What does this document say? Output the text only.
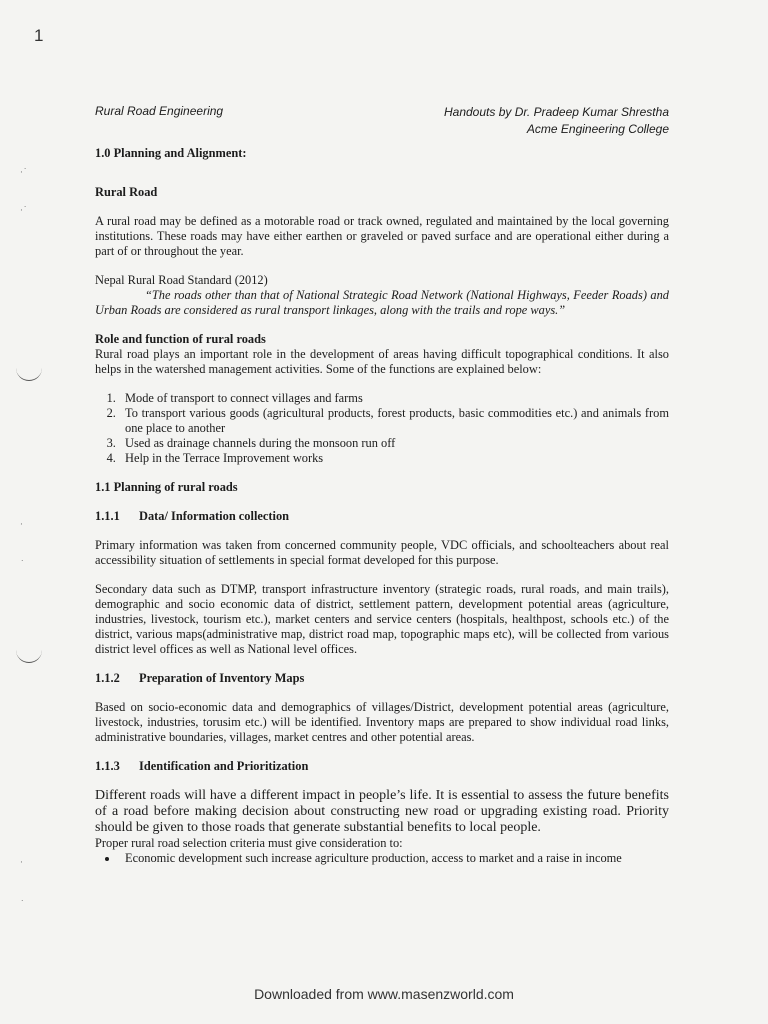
1
Rural Road Engineering	Handouts by Dr. Pradeep Kumar Shrestha
Acme Engineering College
·˙
·˙
·
˙
·
˙

1.0 Planning and Alignment:

Rural Road

A rural road may be defined as a motorable road or track owned, regulated and maintained by the local governing institutions. These roads may have either earthen or graveled or paved surface and are operational either during a part of or throughout the year.

Nepal Rural Road Standard (2012)

“The roads other than that of National Strategic Road Network (National Highways, Feeder Roads) and Urban Roads are considered as rural transport linkages, along with the trails and rope ways.”

Role and function of rural roads

Rural road plays an important role in the development of areas having difficult topographical conditions. It also helps in the watershed management activities. Some of the functions are explained below:

1. Mode of transport to connect villages and farms
2. To transport various goods (agricultural products, forest products, basic commodities etc.) and animals from one place to another
3. Used as drainage channels during the monsoon run off
4. Help in the Terrace Improvement works

1.1 Planning of rural roads

1.1.1	Data/ Information collection

Primary information was taken from concerned community people, VDC officials, and schoolteachers about real accessibility situation of settlements in special format developed for this purpose.

Secondary data such as DTMP, transport infrastructure inventory (strategic roads, rural roads, and main trails), demographic and socio economic data of district, settlement pattern, development potential areas (agriculture, industries, livestock, tourism etc.), market centers and service centers (hospitals, healthpost, schools etc.) of the district, various maps(administrative map, district road map, topographic maps etc), will be collected from various district level offices as well as National level offices.

1.1.2	Preparation of Inventory Maps

Based on socio-economic data and demographics of villages/District, development potential areas (agriculture, livestock, industries, torusim etc.) will be identified. Inventory maps are prepared to show individual road links, administrative boundaries, villages, market centres and other potential areas.

1.1.3	Identification and Prioritization

Different roads will have a different impact in people’s life. It is essential to assess the future benefits of a road before making decision about constructing new road or upgrading existing road. Priority should be given to those roads that generate substantial benefits to local people.

Proper rural road selection criteria must give consideration to:

• Economic development such increase agriculture production, access to market and a raise in income
Downloaded from www.masenzworld.com
